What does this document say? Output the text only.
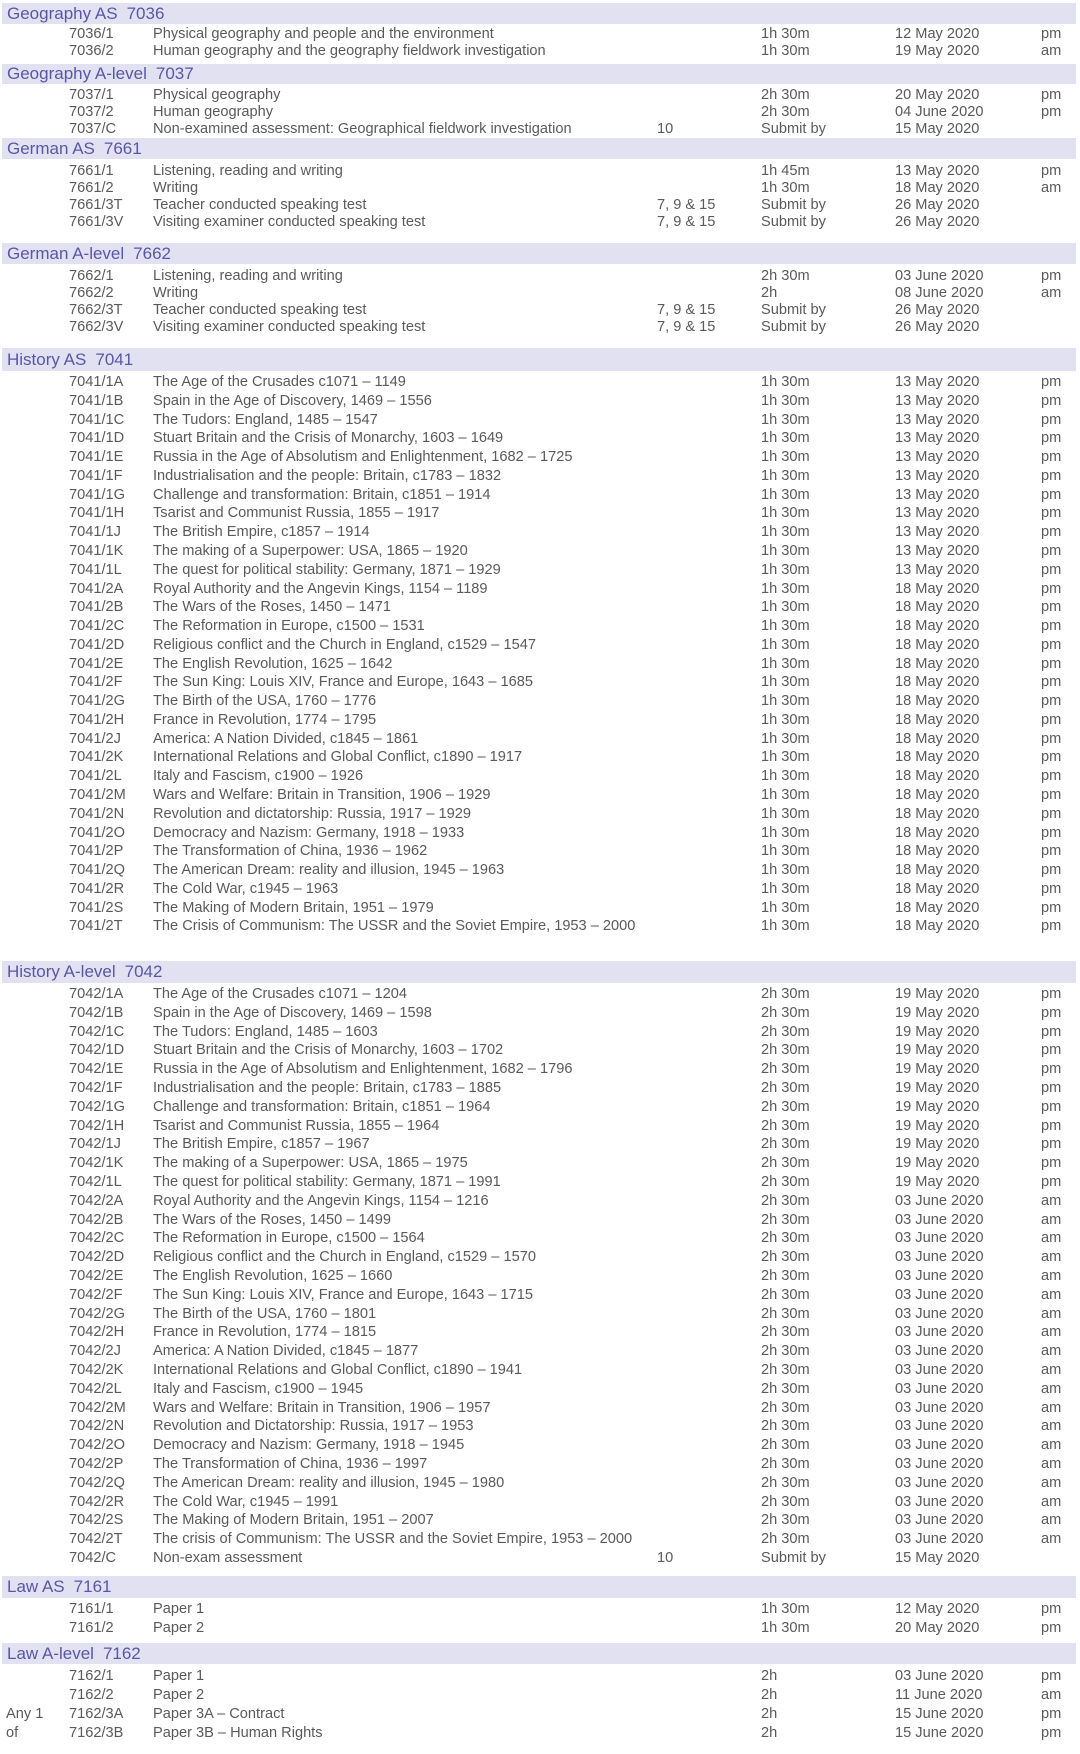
Geography AS 7036
7036/1	Physical geography and people and the environment	1h 30m	12 May 2020	pm
7036/2	Human geography and the geography fieldwork investigation	1h 30m	19 May 2020	am
Geography A-level 7037
7037/1	Physical geography	2h 30m	20 May 2020	pm
7037/2	Human geography	2h 30m	04 June 2020	pm
7037/C	Non-examined assessment: Geographical fieldwork investigation	10	Submit by	15 May 2020
German AS 7661
7661/1	Listening, reading and writing	1h 45m	13 May 2020	pm
7661/2	Writing	1h 30m	18 May 2020	am
7661/3T Teacher conducted speaking test	7, 9 & 15	Submit by	26 May 2020
7661/3V Visiting examiner conducted speaking test	7, 9 & 15	Submit by	26 May 2020
German A-level 7662
7662/1	Listening, reading and writing	2h 30m	03 June 2020	pm
7662/2	Writing	2h	08 June 2020	am
7662/3T Teacher conducted speaking test	7, 9 & 15	Submit by	26 May 2020
7662/3V Visiting examiner conducted speaking test	7, 9 & 15	Submit by	26 May 2020
History AS 7041
7041/1A The Age of the Crusades c1071 – 1149	1h 30m	13 May 2020	pm
7041/1B Spain in the Age of Discovery, 1469 – 1556	1h 30m	13 May 2020	pm
7041/1C The Tudors: England, 1485 – 1547	1h 30m	13 May 2020	pm
7041/1D Stuart Britain and the Crisis of Monarchy, 1603 – 1649	1h 30m	13 May 2020	pm
7041/1E Russia in the Age of Absolutism and Enlightenment, 1682 – 1725	1h 30m	13 May 2020	pm
7041/1F Industrialisation and the people: Britain, c1783 – 1832	1h 30m	13 May 2020	pm
7041/1G Challenge and transformation: Britain, c1851 – 1914	1h 30m	13 May 2020	pm
7041/1H Tsarist and Communist Russia, 1855 – 1917	1h 30m	13 May 2020	pm
7041/1J The British Empire, c1857 – 1914	1h 30m	13 May 2020	pm
7041/1K The making of a Superpower: USA, 1865 – 1920	1h 30m	13 May 2020	pm
7041/1L The quest for political stability: Germany, 1871 – 1929	1h 30m	13 May 2020	pm
7041/2A Royal Authority and the Angevin Kings, 1154 – 1189	1h 30m	18 May 2020	pm
7041/2B The Wars of the Roses, 1450 – 1471	1h 30m	18 May 2020	pm
7041/2C The Reformation in Europe, c1500 – 1531	1h 30m	18 May 2020	pm
7041/2D Religious conflict and the Church in England, c1529 – 1547	1h 30m	18 May 2020	pm
7041/2E The English Revolution, 1625 – 1642	1h 30m	18 May 2020	pm
7041/2F The Sun King: Louis XIV, France and Europe, 1643 – 1685	1h 30m	18 May 2020	pm
7041/2G The Birth of the USA, 1760 – 1776	1h 30m	18 May 2020	pm
7041/2H France in Revolution, 1774 – 1795	1h 30m	18 May 2020	pm
7041/2J America: A Nation Divided, c1845 – 1861	1h 30m	18 May 2020	pm
7041/2K International Relations and Global Conflict, c1890 – 1917	1h 30m	18 May 2020	pm
7041/2L Italy and Fascism, c1900 – 1926	1h 30m	18 May 2020	pm
7041/2M Wars and Welfare: Britain in Transition, 1906 – 1929	1h 30m	18 May 2020	pm
7041/2N Revolution and dictatorship: Russia, 1917 – 1929	1h 30m	18 May 2020	pm
7041/2O Democracy and Nazism: Germany, 1918 – 1933	1h 30m	18 May 2020	pm
7041/2P The Transformation of China, 1936 – 1962	1h 30m	18 May 2020	pm
7041/2Q The American Dream: reality and illusion, 1945 – 1963	1h 30m	18 May 2020	pm
7041/2R The Cold War, c1945 – 1963	1h 30m	18 May 2020	pm
7041/2S The Making of Modern Britain, 1951 – 1979	1h 30m	18 May 2020	pm
7041/2T The Crisis of Communism: The USSR and the Soviet Empire, 1953 – 2000	1h 30m	18 May 2020	pm
History A-level 7042
7042/1A The Age of the Crusades c1071 – 1204	2h 30m	19 May 2020	pm
7042/1B Spain in the Age of Discovery, 1469 – 1598	2h 30m	19 May 2020	pm
7042/1C The Tudors: England, 1485 – 1603	2h 30m	19 May 2020	pm
7042/1D Stuart Britain and the Crisis of Monarchy, 1603 – 1702	2h 30m	19 May 2020	pm
7042/1E Russia in the Age of Absolutism and Enlightenment, 1682 – 1796	2h 30m	19 May 2020	pm
7042/1F Industrialisation and the people: Britain, c1783 – 1885	2h 30m	19 May 2020	pm
7042/1G Challenge and transformation: Britain, c1851 – 1964	2h 30m	19 May 2020	pm
7042/1H Tsarist and Communist Russia, 1855 – 1964	2h 30m	19 May 2020	pm
7042/1J The British Empire, c1857 – 1967	2h 30m	19 May 2020	pm
7042/1K The making of a Superpower: USA, 1865 – 1975	2h 30m	19 May 2020	pm
7042/1L The quest for political stability: Germany, 1871 – 1991	2h 30m	19 May 2020	pm
7042/2A Royal Authority and the Angevin Kings, 1154 – 1216	2h 30m	03 June 2020	am
7042/2B The Wars of the Roses, 1450 – 1499	2h 30m	03 June 2020	am
7042/2C The Reformation in Europe, c1500 – 1564	2h 30m	03 June 2020	am
7042/2D Religious conflict and the Church in England, c1529 – 1570	2h 30m	03 June 2020	am
7042/2E The English Revolution, 1625 – 1660	2h 30m	03 June 2020	am
7042/2F The Sun King: Louis XIV, France and Europe, 1643 – 1715	2h 30m	03 June 2020	am
7042/2G The Birth of the USA, 1760 – 1801	2h 30m	03 June 2020	am
7042/2H France in Revolution, 1774 – 1815	2h 30m	03 June 2020	am
7042/2J America: A Nation Divided, c1845 – 1877	2h 30m	03 June 2020	am
7042/2K International Relations and Global Conflict, c1890 – 1941	2h 30m	03 June 2020	am
7042/2L Italy and Fascism, c1900 – 1945	2h 30m	03 June 2020	am
7042/2M Wars and Welfare: Britain in Transition, 1906 – 1957	2h 30m	03 June 2020	am
7042/2N Revolution and Dictatorship: Russia, 1917 – 1953	2h 30m	03 June 2020	am
7042/2O Democracy and Nazism: Germany, 1918 – 1945	2h 30m	03 June 2020	am
7042/2P The Transformation of China, 1936 – 1997	2h 30m	03 June 2020	am
7042/2Q The American Dream: reality and illusion, 1945 – 1980	2h 30m	03 June 2020	am
7042/2R The Cold War, c1945 – 1991	2h 30m	03 June 2020	am
7042/2S The Making of Modern Britain, 1951 – 2007	2h 30m	03 June 2020	am
7042/2T The crisis of Communism: The USSR and the Soviet Empire, 1953 – 2000	2h 30m	03 June 2020	am
7042/C	Non-exam assessment	10	Submit by	15 May 2020
Law AS 7161
7161/1	Paper 1	1h 30m	12 May 2020	pm
7161/2	Paper 2	1h 30m	20 May 2020	pm
Law A-level 7162
7162/1	Paper 1	2h	03 June 2020	pm
7162/2	Paper 2	2h	11 June 2020	am
Any 1 7162/3A Paper 3A – Contract	2h	15 June 2020	pm
of	7162/3B Paper 3B – Human Rights	2h	15 June 2020	pm
